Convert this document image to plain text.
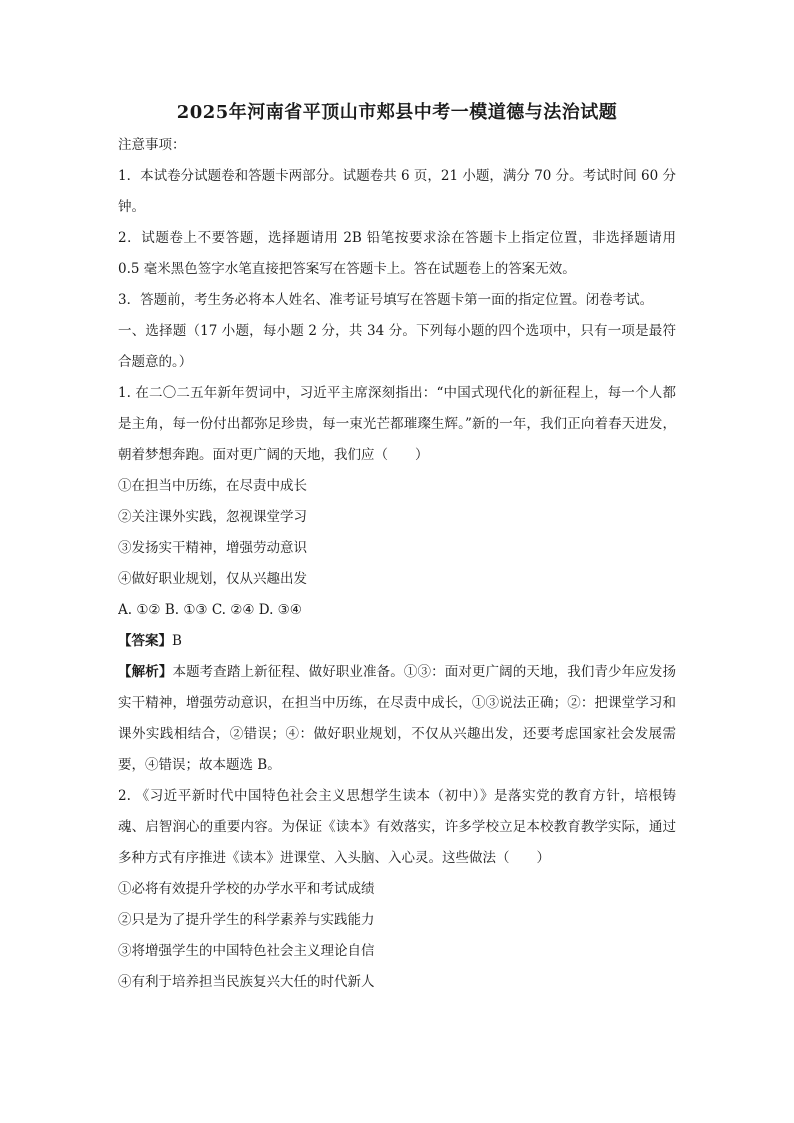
2025年河南省平顶山市郏县中考一模道德与法治试题

注意事项：

1．本试卷分试题卷和答题卡两部分。试题卷共 6 页，21 小题，满分 70 分。考试时间 60 分钟。

2．试题卷上不要答题，选择题请用 2B 铅笔按要求涂在答题卡上指定位置，非选择题请用 0.5 毫米黑色签字水笔直接把答案写在答题卡上。答在试题卷上的答案无效。

3．答题前，考生务必将本人姓名、准考证号填写在答题卡第一面的指定位置。闭卷考试。

一、选择题（17 小题，每小题 2 分，共 34 分。下列每小题的四个选项中，只有一项是最符合题意的。）

1. 在二〇二五年新年贺词中，习近平主席深刻指出：“中国式现代化的新征程上，每一个人都是主角，每一份付出都弥足珍贵，每一束光芒都璀璨生辉。”新的一年，我们正向着春天进发，朝着梦想奔跑。面对更广阔的天地，我们应（　　）

①在担当中历练，在尽责中成长

②关注课外实践，忽视课堂学习

③发扬实干精神，增强劳动意识

④做好职业规划，仅从兴趣出发

A. ①② B. ①③ C. ②④ D. ③④

【答案】B

【解析】本题考查踏上新征程、做好职业准备。①③：面对更广阔的天地，我们青少年应发扬实干精神，增强劳动意识，在担当中历练，在尽责中成长，①③说法正确；②：把课堂学习和课外实践相结合，②错误；④：做好职业规划，不仅从兴趣出发，还要考虑国家社会发展需要，④错误；故本题选 B。

2. 《习近平新时代中国特色社会主义思想学生读本（初中）》是落实党的教育方针，培根铸魂、启智润心的重要内容。为保证《读本》有效落实，许多学校立足本校教育教学实际，通过多种方式有序推进《读本》进课堂、入头脑、入心灵。这些做法（　　）

①必将有效提升学校的办学水平和考试成绩

②只是为了提升学生的科学素养与实践能力

③将增强学生的中国特色社会主义理论自信

④有利于培养担当民族复兴大任的时代新人
